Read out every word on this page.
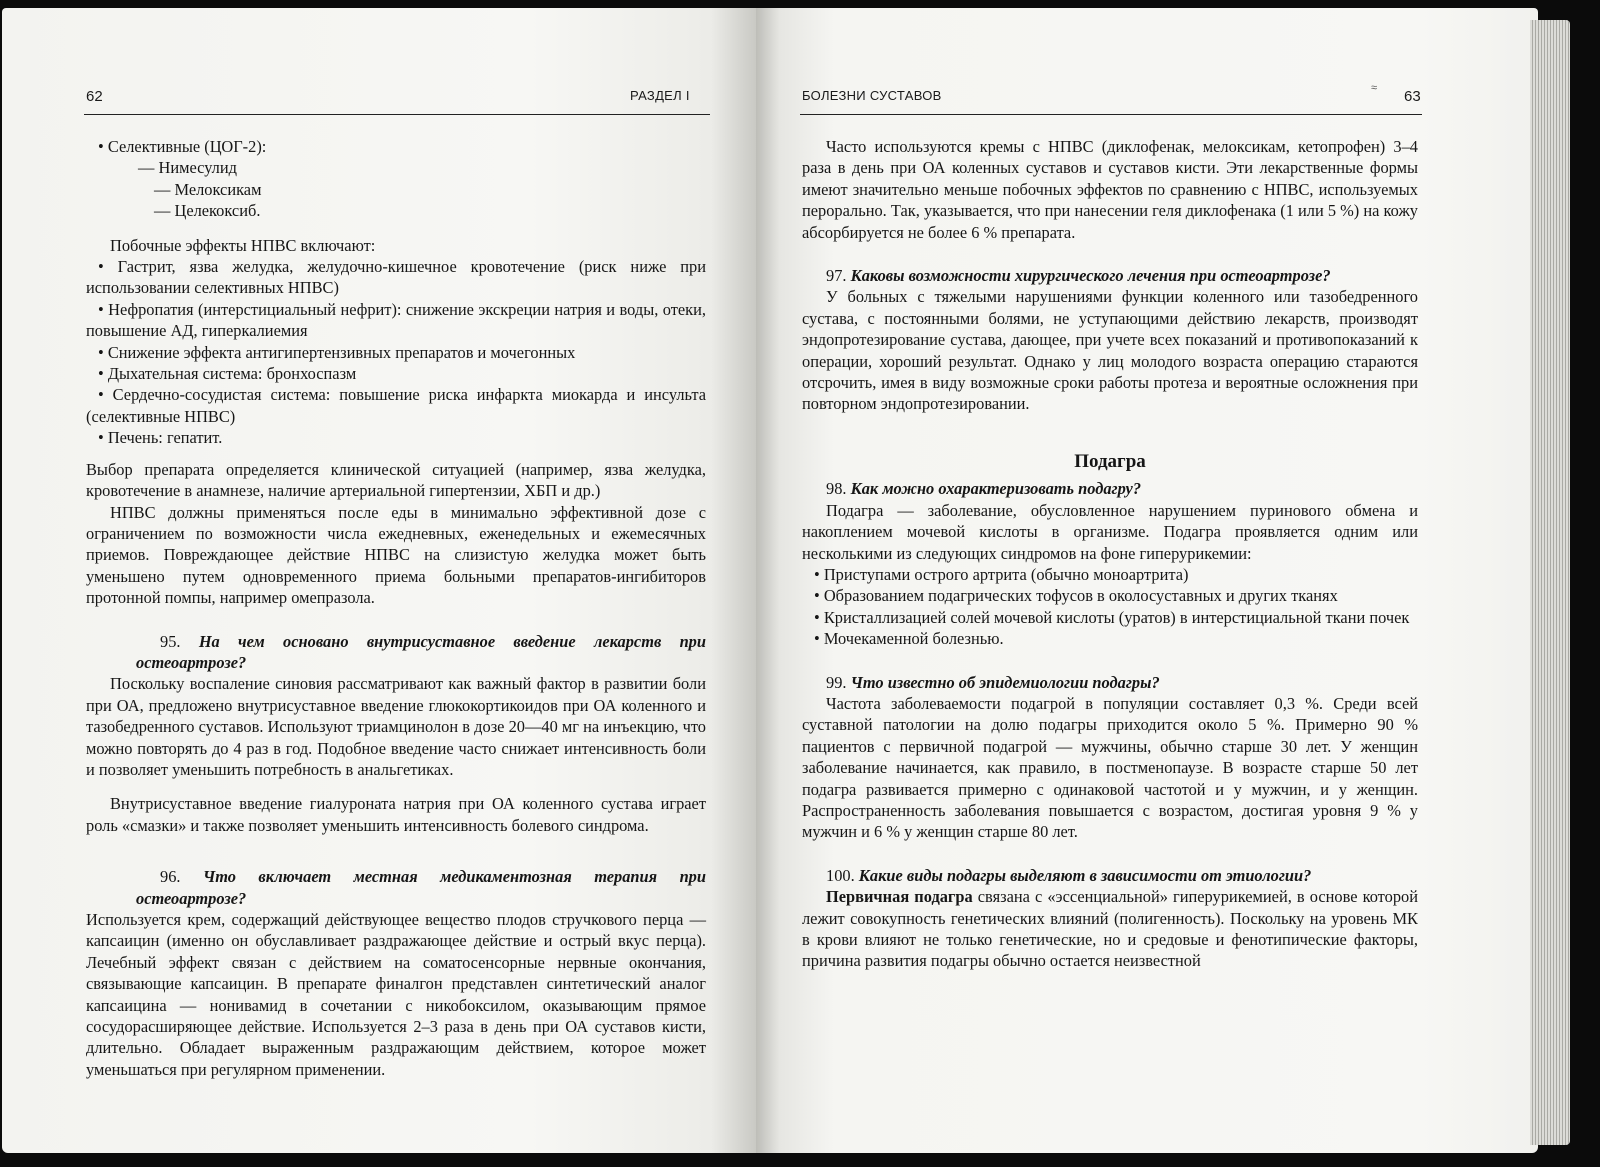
62	РАЗДЕЛ I

• Селективные (ЦОГ-2):

— Нимесулид

— Мелоксикам

— Целекоксиб.

Побочные эффекты НПВС включают:

• Гастрит, язва желудка, желудочно-кишечное кровотечение (риск ниже при использовании селективных НПВС)

• Нефропатия (интерстициальный нефрит): снижение экскреции натрия и воды, отеки, повышение АД, гиперкалиемия

• Снижение эффекта антигипертензивных препаратов и мочегонных

• Дыхательная система: бронхоспазм

• Сердечно-сосудистая система: повышение риска инфаркта миокарда и инсульта (селективные НПВС)

• Печень: гепатит.

Выбор препарата определяется клинической ситуацией (например, язва желудка, кровотечение в анамнезе, наличие артериальной гипертензии, ХБП и др.)

НПВС должны применяться после еды в минимально эффективной дозе с ограничением по возможности числа ежедневных, еженедельных и ежемесячных приемов. Повреждающее действие НПВС на слизистую желудка может быть уменьшено путем одновременного приема больными препаратов-ингибиторов протонной помпы, например омепразола.

95. На чем основано внутрисуставное введение лекарств при остеоартрозе?

Поскольку воспаление синовия рассматривают как важный фактор в развитии боли при ОА, предложено внутрисуставное введение глюкокортикоидов при ОА коленного и тазобедренного суставов. Используют триамцинолон в дозе 20—40 мг на инъекцию, что можно повторять до 4 раз в год. Подобное введение часто снижает интенсивность боли и позволяет уменьшить потребность в анальгетиках.

Внутрисуставное введение гиалуроната натрия при ОА коленного сустава играет роль «смазки» и также позволяет уменьшить интенсивность болевого синдрома.

96. Что включает местная медикаментозная терапия при остеоартрозе?

Используется крем, содержащий действующее вещество плодов стручкового перца — капсаицин (именно он обуславливает раздражающее действие и острый вкус перца). Лечебный эффект связан с действием на соматосенсорные нервные окончания, связывающие капсаицин. В препарате финалгон представлен синтетический аналог капсаицина — нонивамид в сочетании с никобоксилом, оказывающим прямое сосудорасширяющее действие. Используется 2–3 раза в день при ОА суставов кисти, длительно. Обладает выраженным раздражающим действием, которое может уменьшаться при регулярном применении.

БОЛЕЗНИ СУСТАВОВ	≈ 63

Часто используются кремы с НПВС (диклофенак, мелоксикам, кетопрофен) 3–4 раза в день при ОА коленных суставов и суставов кисти. Эти лекарственные формы имеют значительно меньше побочных эффектов по сравнению с НПВС, используемых перорально. Так, указывается, что при нанесении геля диклофенака (1 или 5 %) на кожу абсорбируется не более 6 % препарата.

97. Каковы возможности хирургического лечения при остеоартрозе?

У больных с тяжелыми нарушениями функции коленного или тазобедренного сустава, с постоянными болями, не уступающими действию лекарств, производят эндопротезирование сустава, дающее, при учете всех показаний и противопоказаний к операции, хороший результат. Однако у лиц молодого возраста операцию стараются отсрочить, имея в виду возможные сроки работы протеза и вероятные осложнения при повторном эндопротезировании.

Подагра

98. Как можно охарактеризовать подагру?

Подагра — заболевание, обусловленное нарушением пуринового обмена и накоплением мочевой кислоты в организме. Подагра проявляется одним или несколькими из следующих синдромов на фоне гиперурикемии:

• Приступами острого артрита (обычно моноартрита)

• Образованием подагрических тофусов в околосуставных и других тканях

• Кристаллизацией солей мочевой кислоты (уратов) в интерстициальной ткани почек

• Мочекаменной болезнью.

99. Что известно об эпидемиологии подагры?

Частота заболеваемости подагрой в популяции составляет 0,3 %. Среди всей суставной патологии на долю подагры приходится около 5 %. Примерно 90 % пациентов с первичной подагрой — мужчины, обычно старше 30 лет. У женщин заболевание начинается, как правило, в постменопаузе. В возрасте старше 50 лет подагра развивается примерно с одинаковой частотой и у мужчин, и у женщин. Распространенность заболевания повышается с возрастом, достигая уровня 9 % у мужчин и 6 % у женщин старше 80 лет.

100. Какие виды подагры выделяют в зависимости от этиологии?

Первичная подагра связана с «эссенциальной» гиперурикемией, в основе которой лежит совокупность генетических влияний (полигенность). Поскольку на уровень МК в крови влияют не только генетические, но и средовые и фенотипические факторы, причина развития подагры обычно остается неизвестной
